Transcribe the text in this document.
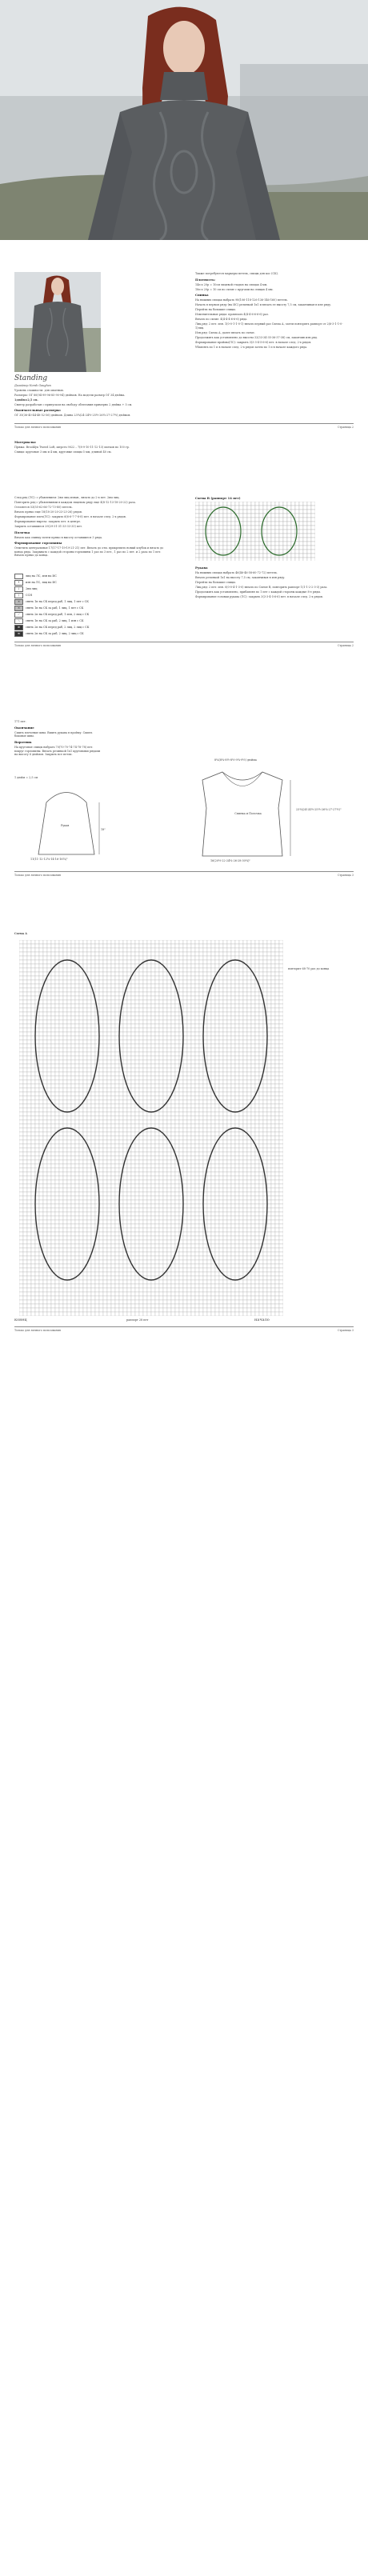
Standing

Дизайнер Norah Gaughan

Уровень сложности: для опытных.

Размеры: ОГ 80(94-99-96-85-90-94) дюймов. На модели размер ОГ 34 дюйма.

1дюйм=2,5 см.

Свитер разработан с припуском на свободу облегания примерно 2 дюйма + 5 см.

Окончательные размеры:

ОГ 35(36-40-44-48-52-56) дюймов. Длина 23¼(24-24½-25½-26¼-27-27½) дюймов.

Также потребуются маркеры петель, спицы для кос (СК).

Плотность:

14п x 20р = 10см лицевой гладью на спицах 4 мм.

18п x 20р = 10 см по схеме с кругами на спицах 4 мм.

Спинка

На нижних спицах набрать 98(106-118-126-136-146-160) петель.

Начать в первом ряду (на ИС) резинкой 1х1 и вязать ее высоту 7,5 см, заканчивая в изн ряду.

Перейти на большие спицы.

Изменительные ряды: провязать 4(4-4-6-6-6-6) раз.

Вязать по схеме: 4(4-4-4-6-6-6) ряда.

Лиц.ряд: 2 пет. изн. 1(0-0-1-1-0-1) вязать первый раз Схема А, затем повторить раппорт от 2(6-3-1-1-0-1)лиц.

Изн.ряд: Схема А, далее вязать по схеме.

Продолжить как установлено до высоты 32(33-34-35-36-37-38) см, закончив изн.ряд.

Формирование проймы(ЛС): закрыть 3(3-3-4-5-6-6) пет. в начале след. 2-х рядов.

Убавлять по 1 п в начале след. 2-х рядов затем по 1 п в начале каждого ряда.

Только для личного пользования	Страница 2
Материалы:

Пряжа: Brooklyn Tweed Loft, шерсть 9022 – 7(8-9-10-11-12-13) мотков по 100 гр.

Спицы: круговые 3 мм и 4 мм, круговые спицы 5 мм, длиной 40 см.

След.ряд (ЛС): с убавлением: 2вм лиц изнан., вязать до 2-х пет. 2вм лиц.

Повторить ряд с убавлениями в каждом лицевом ряду еще 4(8-12-13-18-20-22) раза.

Останется 53(55-62-66-72-73-80) петель.

Вязать прямо еще 18(18-20-20-23-23-26) рядов.

Формирование плеч(ЛС): закрыть 6(6-6-7-7-8-8) пет. в начале след. 2-х рядов.

Формирование выреза: закрыть пет. в центре.

Закрыть оставшиеся 29(29-31-31-33-33-33) пет.

Полочка

Вязать как спинку почти прямо в высоту оставшиеся 3 ряда.

Формирование горловины

Отметить центральные 17(17-17-19-19-21-21) пет. Вязать до отм. прикрепить новый клубок и вязать до конца ряда. Закрывать с каждой стороны горловины 1 раз по 3 пет., 1 раз по 2 пет. и 2 раза по 1 пет. Вязать прямо до конца.

лиц на ЛС, изн на ИС
•	изн на ЛС, лиц на ИС
/	2вм лиц
\	ССН
×	снять 1п на СК перед раб, 1 лиц, 1 пет с СК
×	снять 1п на СК за раб, 1 лиц, 1 пет с СК
⟋	снять 2п на СК перед раб, 1 изн, 2 лиц с СК
⟍	снять 1п на СК за раб, 2 лиц, 1 изн с СК
≫	снять 2п на СК перед раб, 2 лиц, 2 лиц с СК
≪	снять 2п на СК за раб, 2 лиц, 2 лиц с СК
Схема В (раппорт 14 пет)
Рукава

На нижних спицах набрать 46(46-46-58-60-72-72) петель.

Вязать резинкой 1х1 на высоту 7,5 см, заканчивая в изн ряду.

Перейти на большие спицы.

Лиц.ряд: 2 пет. изн. 0(0-0-4-1-3-0) вязать по Схеме В, повторить раппорт 1(1-1-2-2-3-3) раза.

Продолжить как установлено, прибавляя по 1 пет с каждой стороны каждые 8-е ряды.

Формирование головки рукава (ЛС): закрыть 3(3-3-4-5-6-6) пет. в начале след. 2-х рядов.

Только для личного пользования	Страница 2

171 пет.

Окончание

Сшить плечевые швы. Вшить рукава в пройму. Сшить боковые швы.

Воротник

На круговые спицы набрать 70(70-70-74-74-78-78) пет. вокруг горловины. Вязать резинкой 1х1 круговыми рядами на высоту 6 дюймов. Закрыть все петли.

1 дюйм = 2,5 см
Рукав
18"
11(11-12-12¾-14-16-16¾)"
8¼(8¼-8½-8½-9¼-9½) дюйма
Спинка и Полочка
16(20½-22-24¼-26-28-30¼)"
23¼(24-24½-25½-26¼-27-27½)"
Только для личного пользования	Страница 3
Схема А
повторит 68-70 раз до конца
конец	раппорт 28 пет	начало
Только для личного пользования	Страница 3
